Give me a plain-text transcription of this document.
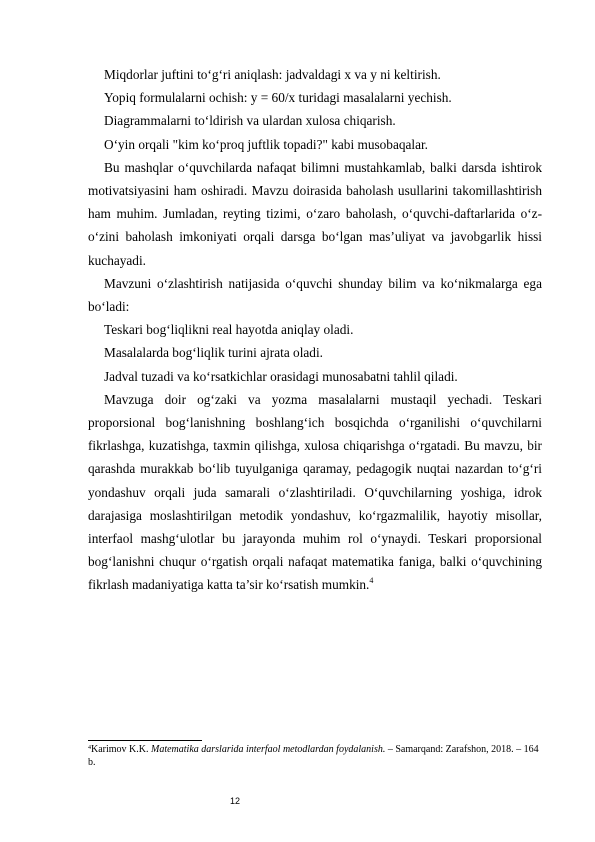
Miqdorlar juftini to‘g‘ri aniqlash: jadvaldagi x va y ni keltirish.

Yopiq formulalarni ochish: y = 60/x turidagi masalalarni yechish.

Diagrammalarni to‘ldirish va ulardan xulosa chiqarish.

O‘yin orqali "kim ko‘proq juftlik topadi?" kabi musobaqalar.

Bu mashqlar o‘quvchilarda nafaqat bilimni mustahkamlab, balki darsda ishtirok motivatsiyasini ham oshiradi. Mavzu doirasida baholash usullarini takomillashtirish ham muhim. Jumladan, reyting tizimi, o‘zaro baholash, o‘quvchi-daftarlarida o‘z-o‘zini baholash imkoniyati orqali darsga bo‘lgan mas’uliyat va javobgarlik hissi kuchayadi.

Mavzuni o‘zlashtirish natijasida o‘quvchi shunday bilim va ko‘nikmalarga ega bo‘ladi:

Teskari bog‘liqlikni real hayotda aniqlay oladi.

Masalalarda bog‘liqlik turini ajrata oladi.

Jadval tuzadi va ko‘rsatkichlar orasidagi munosabatni tahlil qiladi.

Mavzuga doir og‘zaki va yozma masalalarni mustaqil yechadi. Teskari proporsional bog‘lanishning boshlang‘ich bosqichda o‘rganilishi o‘quvchilarni fikrlashga, kuzatishga, taxmin qilishga, xulosa chiqarishga o‘rgatadi. Bu mavzu, bir qarashda murakkab bo‘lib tuyulganiga qaramay, pedagogik nuqtai nazardan to‘g‘ri yondashuv orqali juda samarali o‘zlashtiriladi. O‘quvchilarning yoshiga, idrok darajasiga moslashtirilgan metodik yondashuv, ko‘rgazmalilik, hayotiy misollar, interfaol mashg‘ulotlar bu jarayonda muhim rol o‘ynaydi. Teskari proporsional bog‘lanishni chuqur o‘rgatish orqali nafaqat matematika faniga, balki o‘quvchining fikrlash madaniyatiga katta ta’sir ko‘rsatish mumkin.$^4$

$^4$Karimov K.K. Matematika darslarida interfaol metodlardan foydalanish. – Samarqand: Zarafshon, 2018. – 164 b.

12
